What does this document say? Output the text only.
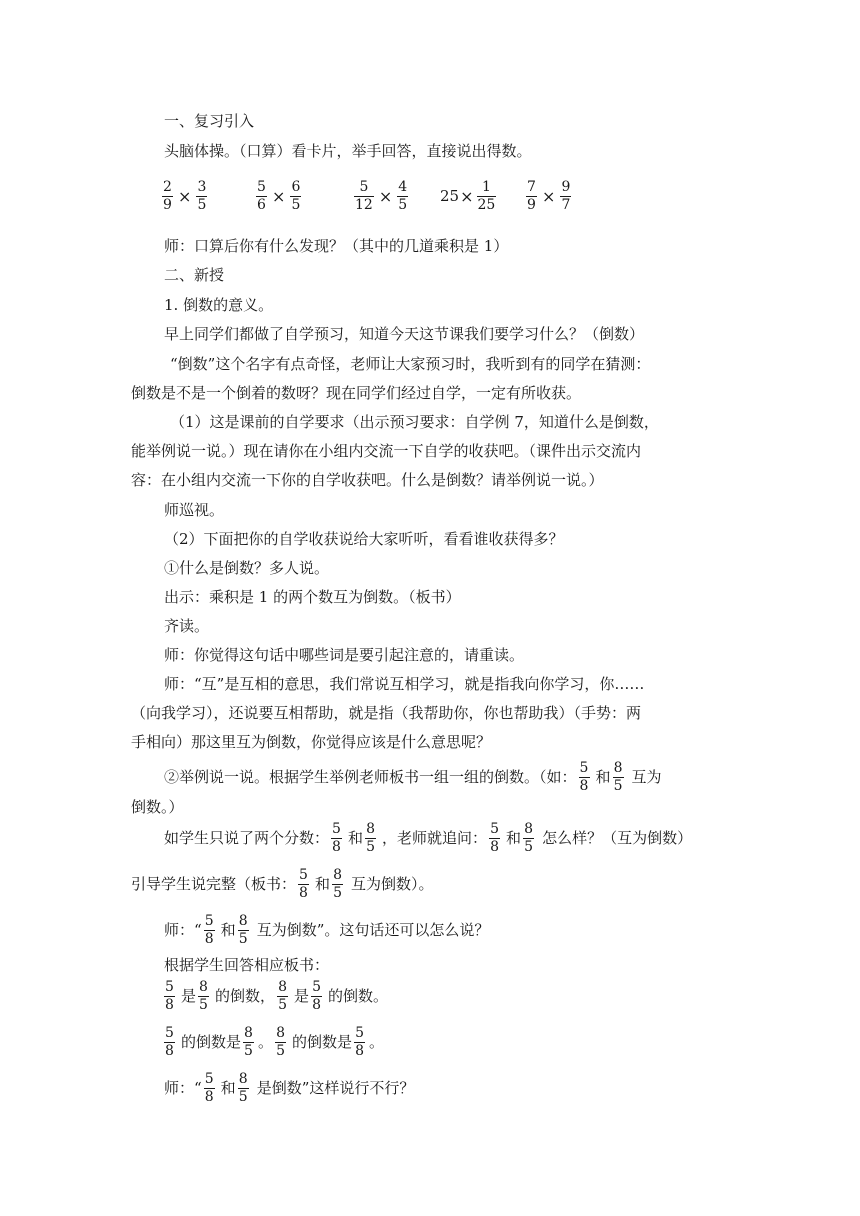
一、复习引入
头脑体操。（口算）看卡片，举手回答，直接说出得数。
$\frac{2}{9} \times \frac{3}{5}$	$\frac{5}{6} \times \frac{6}{5}$	$\frac{5}{12} \times \frac{4}{5} 25 \times \frac{1}{25} \frac{7}{9} \times \frac{9}{7}$
师：口算后你有什么发现？（其中的几道乘积是 1）
二、新授
1. 倒数的意义。
早上同学们都做了自学预习，知道今天这节课我们要学习什么？（倒数）
“倒数”这个名字有点奇怪，老师让大家预习时，我听到有的同学在猜测：
倒数是不是一个倒着的数呀？现在同学们经过自学，一定有所收获。
（1）这是课前的自学要求（出示预习要求：自学例 7，知道什么是倒数，
能举例说一说。）现在请你在小组内交流一下自学的收获吧。（课件出示交流内
容：在小组内交流一下你的自学收获吧。什么是倒数？请举例说一说。）
师巡视。
（2）下面把你的自学收获说给大家听听，看看谁收获得多？
①什么是倒数？多人说。
出示：乘积是 1 的两个数互为倒数。（板书）
齐读。
师：你觉得这句话中哪些词是要引起注意的，请重读。
师：“互”是互相的意思，我们常说互相学习，就是指我向你学习，你……
（向我学习），还说要互相帮助，就是指（我帮助你，你也帮助我）（手势：两
手相向）那这里互为倒数，你觉得应该是什么意思呢？
②举例说一说。根据学生举例老师板书一组一组的倒数。（如： $\frac{5}{8}$ 和 $\frac{8}{5}$ 互为
倒数。）
如学生只说了两个分数： $\frac{5}{8}$ 和 $\frac{8}{5}$ ，老师就追问： $\frac{5}{8}$ 和 $\frac{8}{5}$ 怎么样？（互为倒数）
引导学生说完整（板书： $\frac{5}{8}$ 和 $\frac{8}{5}$ 互为倒数）。
师：“ $\frac{5}{8}$ 和 $\frac{8}{5}$ 互为倒数”。这句话还可以怎么说？
根据学生回答相应板书：
$\frac{5}{8}$ 是 $\frac{8}{5}$ 的倒数， $\frac{8}{5}$ 是 $\frac{5}{8}$ 的倒数。
$\frac{5}{8}$ 的倒数是 $\frac{8}{5}$ 。 $\frac{8}{5}$ 的倒数是 $\frac{5}{8}$ 。
师：“ $\frac{5}{8}$ 和 $\frac{8}{5}$ 是倒数”这样说行不行？
